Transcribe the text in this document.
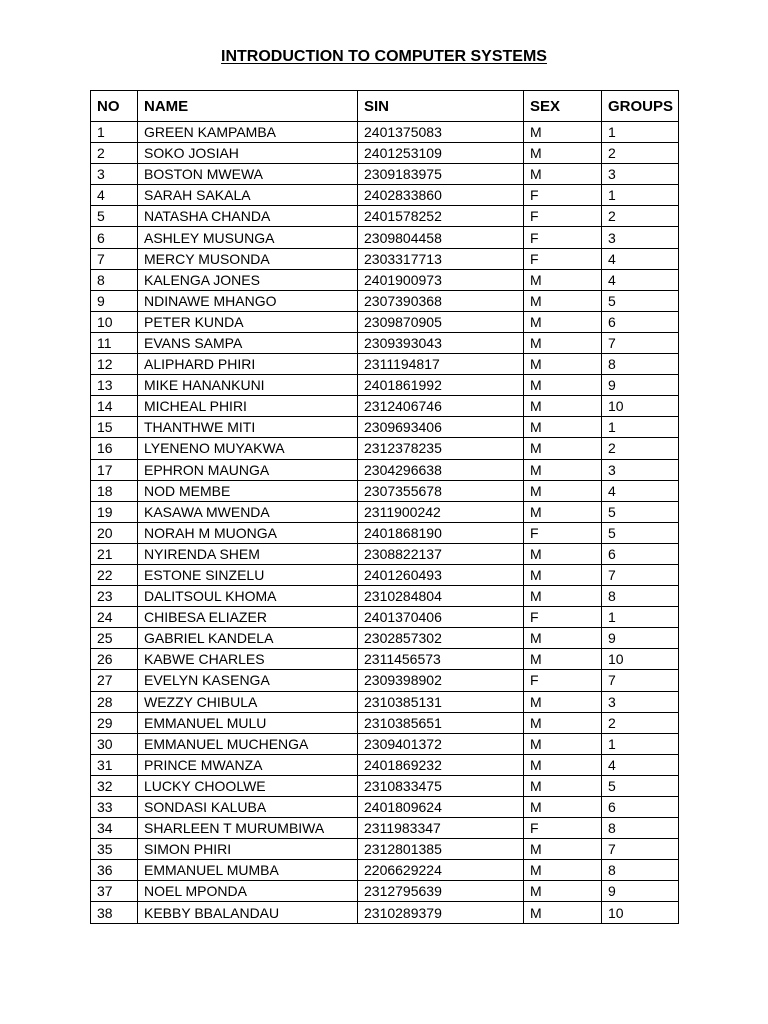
INTRODUCTION TO COMPUTER SYSTEMS
NO	NAME	SIN	SEX	GROUPS
1	GREEN KAMPAMBA	2401375083	M	1
2	SOKO JOSIAH	2401253109	M	2
3	BOSTON MWEWA	2309183975	M	3
4	SARAH SAKALA	2402833860	F	1
5	NATASHA CHANDA	2401578252	F	2
6	ASHLEY MUSUNGA	2309804458	F	3
7	MERCY MUSONDA	2303317713	F	4
8	KALENGA JONES	2401900973	M	4
9	NDINAWE MHANGO	2307390368	M	5
10	PETER KUNDA	2309870905	M	6
11	EVANS SAMPA	2309393043	M	7
12	ALIPHARD PHIRI	2311194817	M	8
13	MIKE HANANKUNI	2401861992	M	9
14	MICHEAL PHIRI	2312406746	M	10
15	THANTHWE MITI	2309693406	M	1
16	LYENENO MUYAKWA	2312378235	M	2
17	EPHRON MAUNGA	2304296638	M	3
18	NOD MEMBE	2307355678	M	4
19	KASAWA MWENDA	2311900242	M	5
20	NORAH M MUONGA	2401868190	F	5
21	NYIRENDA SHEM	2308822137	M	6
22	ESTONE SINZELU	2401260493	M	7
23	DALITSOUL KHOMA	2310284804	M	8
24	CHIBESA ELIAZER	2401370406	F	1
25	GABRIEL KANDELA	2302857302	M	9
26	KABWE CHARLES	2311456573	M	10
27	EVELYN KASENGA	2309398902	F	7
28	WEZZY CHIBULA	2310385131	M	3
29	EMMANUEL MULU	2310385651	M	2
30	EMMANUEL MUCHENGA	2309401372	M	1
31	PRINCE MWANZA	2401869232	M	4
32	LUCKY CHOOLWE	2310833475	M	5
33	SONDASI KALUBA	2401809624	M	6
34	SHARLEEN T MURUMBIWA	2311983347	F	8
35	SIMON PHIRI	2312801385	M	7
36	EMMANUEL MUMBA	2206629224	M	8
37	NOEL MPONDA	2312795639	M	9
38	KEBBY BBALANDAU	2310289379	M	10
